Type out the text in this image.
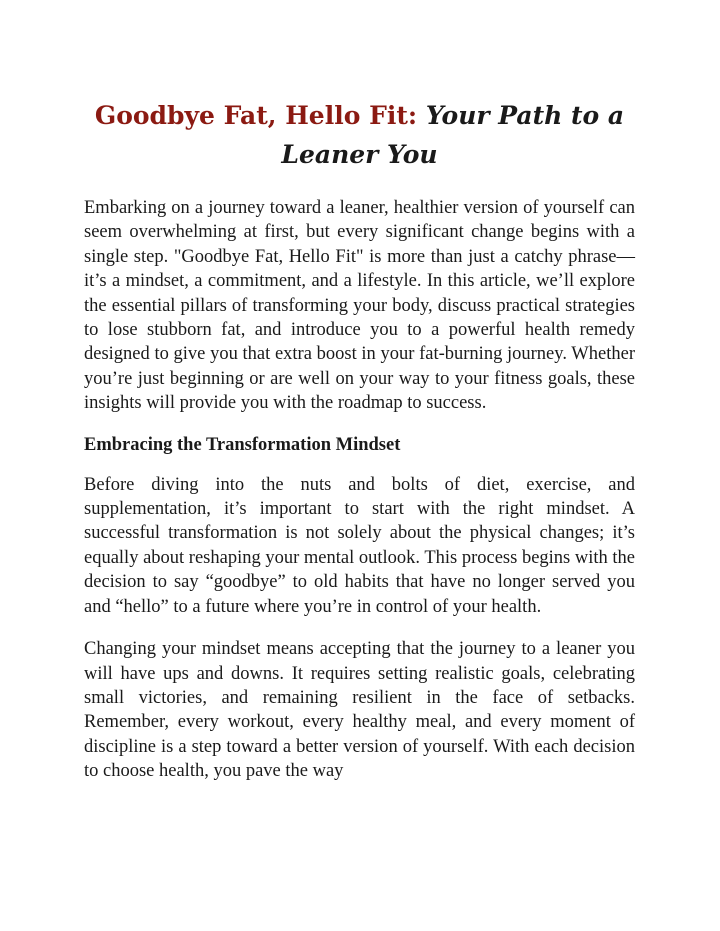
Goodbye Fat, Hello Fit: Your Path to a Leaner You

Embarking on a journey toward a leaner, healthier version of yourself can seem overwhelming at first, but every significant change begins with a single step. "Goodbye Fat, Hello Fit" is more than just a catchy phrase—it’s a mindset, a commitment, and a lifestyle. In this article, we’ll explore the essential pillars of transforming your body, discuss practical strategies to lose stubborn fat, and introduce you to a powerful health remedy designed to give you that extra boost in your fat-burning journey. Whether you’re just beginning or are well on your way to your fitness goals, these insights will provide you with the roadmap to success.

Embracing the Transformation Mindset

Before diving into the nuts and bolts of diet, exercise, and supplementation, it’s important to start with the right mindset. A successful transformation is not solely about the physical changes; it’s equally about reshaping your mental outlook. This process begins with the decision to say “goodbye” to old habits that have no longer served you and “hello” to a future where you’re in control of your health.

Changing your mindset means accepting that the journey to a leaner you will have ups and downs. It requires setting realistic goals, celebrating small victories, and remaining resilient in the face of setbacks. Remember, every workout, every healthy meal, and every moment of discipline is a step toward a better version of yourself. With each decision to choose health, you pave the way
